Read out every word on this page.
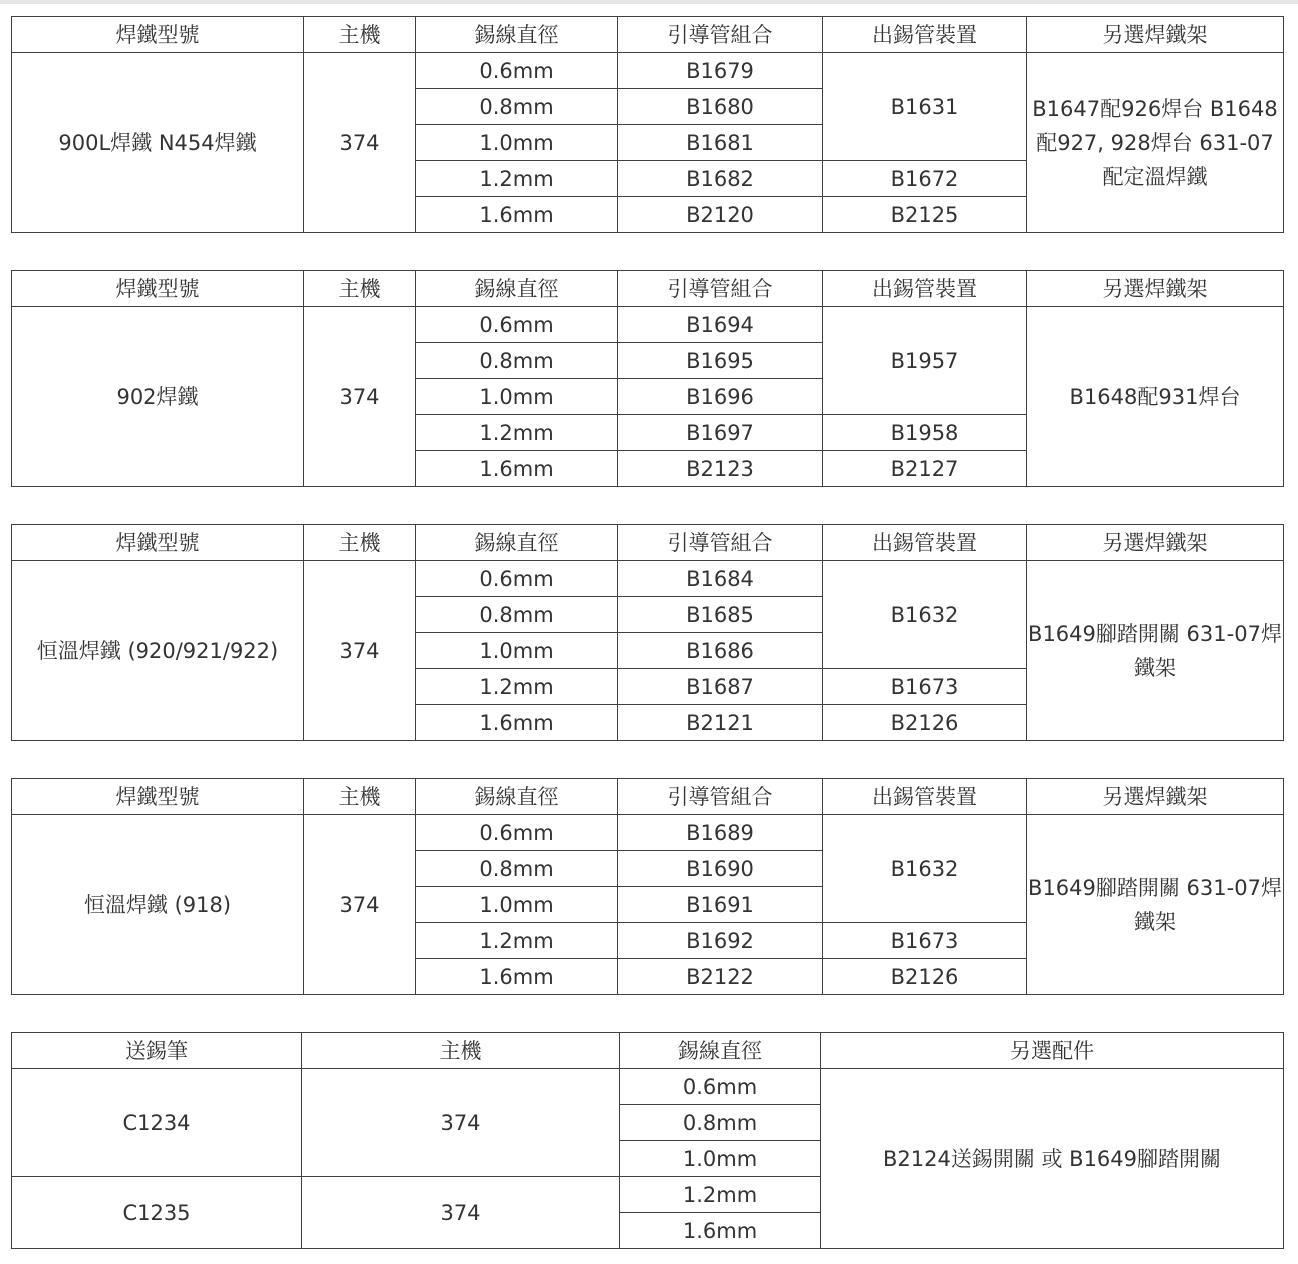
焊鐵型號	主機	錫線直徑	引導管組合	出錫管裝置	另選焊鐵架
900L焊鐵 N454焊鐵	374	0.6mm	B1679	B1631	B1647配926焊台 B1648配927, 928焊台 631-07配定溫焊鐵
		0.8mm	B1680		
		1.0mm	B1681		
		1.2mm	B1682	B1672	
		1.6mm	B2120	B2125	
焊鐵型號	主機	錫線直徑	引導管組合	出錫管裝置	另選焊鐵架
902焊鐵	374	0.6mm	B1694	B1957	B1648配931焊台
		0.8mm	B1695		
		1.0mm	B1696		
		1.2mm	B1697	B1958	
		1.6mm	B2123	B2127	
焊鐵型號	主機	錫線直徑	引導管組合	出錫管裝置	另選焊鐵架
恒溫焊鐵 (920/921/922)	374	0.6mm	B1684	B1632	B1649腳踏開關 631-07焊鐵架
		0.8mm	B1685		
		1.0mm	B1686		
		1.2mm	B1687	B1673	
		1.6mm	B2121	B2126	
焊鐵型號	主機	錫線直徑	引導管組合	出錫管裝置	另選焊鐵架
恒溫焊鐵 (918)	374	0.6mm	B1689	B1632	B1649腳踏開關 631-07焊鐵架
		0.8mm	B1690		
		1.0mm	B1691		
		1.2mm	B1692	B1673	
		1.6mm	B2122	B2126	
送錫筆	主機	錫線直徑	另選配件
C1234	374	0.6mm	B2124送錫開關 或 B1649腳踏開關
		0.8mm	
		1.0mm	
C1235	374	1.2mm	
		1.6mm	
